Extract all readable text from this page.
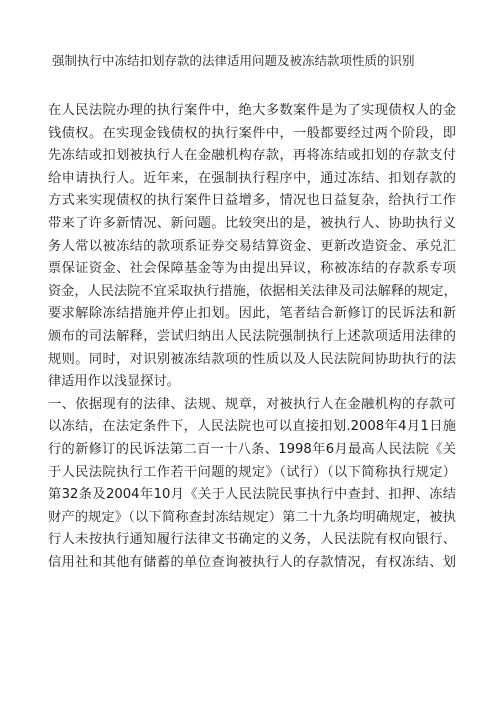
强制执行中冻结扣划存款的法律适用问题及被冻结款项性质的识别
在人民法院办理的执行案件中，绝大多数案件是为了实现债权人的金
钱债权。在实现金钱债权的执行案件中，一般都要经过两个阶段，即
先冻结或扣划被执行人在金融机构存款，再将冻结或扣划的存款支付
给申请执行人。近年来，在强制执行程序中，通过冻结、扣划存款的
方式来实现债权的执行案件日益增多，情况也日益复杂，给执行工作
带来了许多新情况、新问题。比较突出的是，被执行人、协助执行义
务人常以被冻结的款项系证券交易结算资金、更新改造资金、承兑汇
票保证资金、社会保障基金等为由提出异议，称被冻结的存款系专项
资金，人民法院不宜采取执行措施，依据相关法律及司法解释的规定，
要求解除冻结措施并停止扣划。因此，笔者结合新修订的民诉法和新
颁布的司法解释，尝试归纳出人民法院强制执行上述款项适用法律的
规则。同时，对识别被冻结款项的性质以及人民法院间协助执行的法
律适用作以浅显探讨。
一、依据现有的法律、法规、规章，对被执行人在金融机构的存款可
以冻结，在法定条件下，人民法院也可以直接扣划.2008年4月1日施
行的新修订的民诉法第二百一十八条、1998年6月最高人民法院《关
于人民法院执行工作若干问题的规定》（试行）（以下简称执行规定）
第32条及2004年10月《关于人民法院民事执行中查封、扣押、冻结
财产的规定》（以下简称查封冻结规定）第二十九条均明确规定，被执
行人未按执行通知履行法律文书确定的义务，人民法院有权向银行、
信用社和其他有储蓄的单位查询被执行人的存款情况，有权冻结、划
